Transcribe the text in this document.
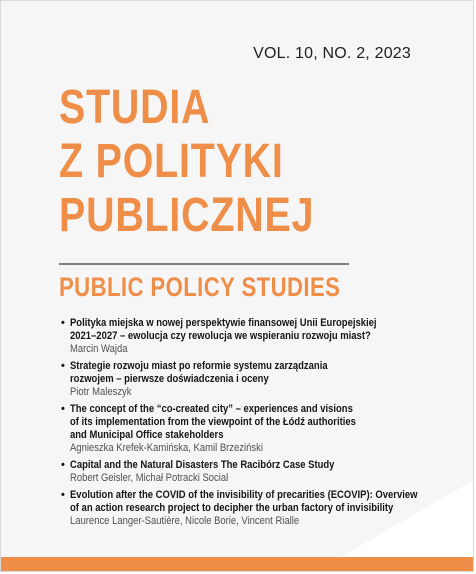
VOL. 10, NO. 2, 2023
STUDIA
Z POLITYKI
PUBLICZNEJ
PUBLIC POLICY STUDIES
• Polityka miejska w nowej perspektywie finansowej Unii Europejskiej
2021–2027 – ewolucja czy rewolucja we wspieraniu rozwoju miast?
Marcin Wajda
• Strategie rozwoju miast po reformie systemu zarządzania
rozwojem – pierwsze doświadczenia i oceny
Piotr Maleszyk
• The concept of the “co-created city” – experiences and visions
of its implementation from the viewpoint of the Łódź authorities
and Municipal Office stakeholders
Agnieszka Krefek-Kamińska, Kamil Brzeziński
• Capital and the Natural Disasters The Racibórz Case Study
Robert Geisler, Michał Potracki Social
• Evolution after the COVID of the invisibility of precarities (ECOVIP): Overview
of an action research project to decipher the urban factory of invisibility
Laurence Langer-Sautière, Nicole Borie, Vincent Rialle
